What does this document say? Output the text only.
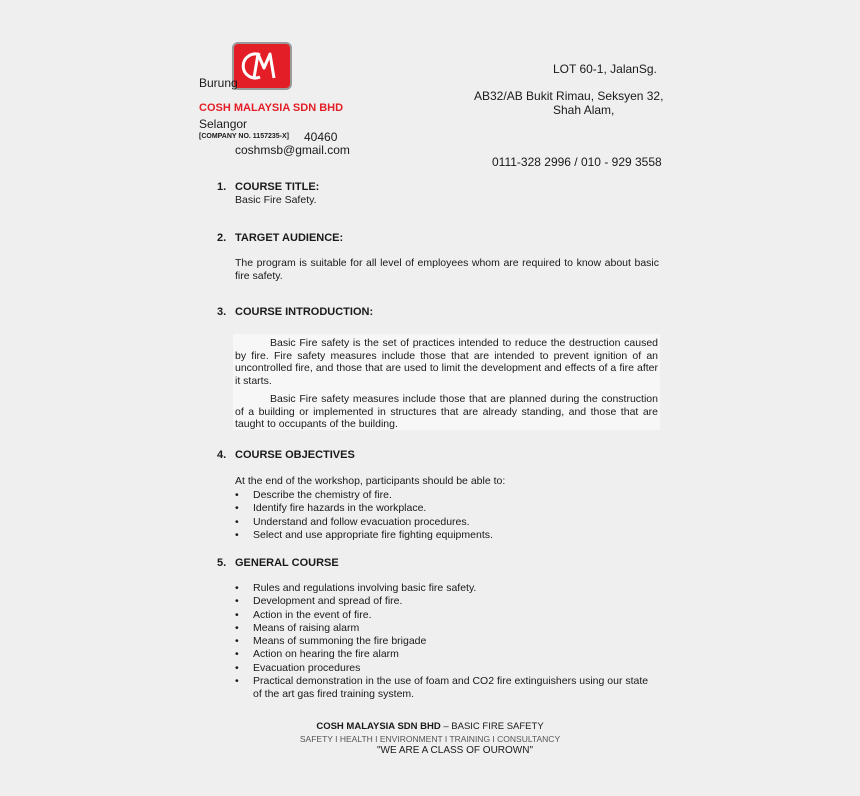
Burung
COSH MALAYSIA SDN BHD
Selangor
[COMPANY NO. 1157235-X] 40460
coshmsb@gmail.com
LOT 60-1, JalanSg.
AB32/AB Bukit Rimau, Seksyen 32,
Shah Alam,
0111-328 2996 / 010 - 929 3558
1. COURSE TITLE:
Basic Fire Safety.
2. TARGET AUDIENCE:
The program is suitable for all level of employees whom are required to know about basic fire safety.
3. COURSE INTRODUCTION:

Basic Fire safety is the set of practices intended to reduce the destruction caused by fire. Fire safety measures include those that are intended to prevent ignition of an uncontrolled fire, and those that are used to limit the development and effects of a fire after it starts.

Basic Fire safety measures include those that are planned during the construction of a building or implemented in structures that are already standing, and those that are taught to occupants of the building.

4. COURSE OBJECTIVES
At the end of the workshop, participants should be able to:
• Describe the chemistry of fire.
• Identify fire hazards in the workplace.
• Understand and follow evacuation procedures.
• Select and use appropriate fire fighting equipments.
5. GENERAL COURSE
• Rules and regulations involving basic fire safety.
• Development and spread of fire.
• Action in the event of fire.
• Means of raising alarm
• Means of summoning the fire brigade
• Action on hearing the fire alarm
• Evacuation procedures
• Practical demonstration in the use of foam and CO2 fire extinguishers using our state of the art gas fired training system.
COSH MALAYSIA SDN BHD – BASIC FIRE SAFETY
SAFETY I HEALTH I ENVIRONMENT I TRAINING I CONSULTANCY
"WE ARE A CLASS OF OUROWN"
